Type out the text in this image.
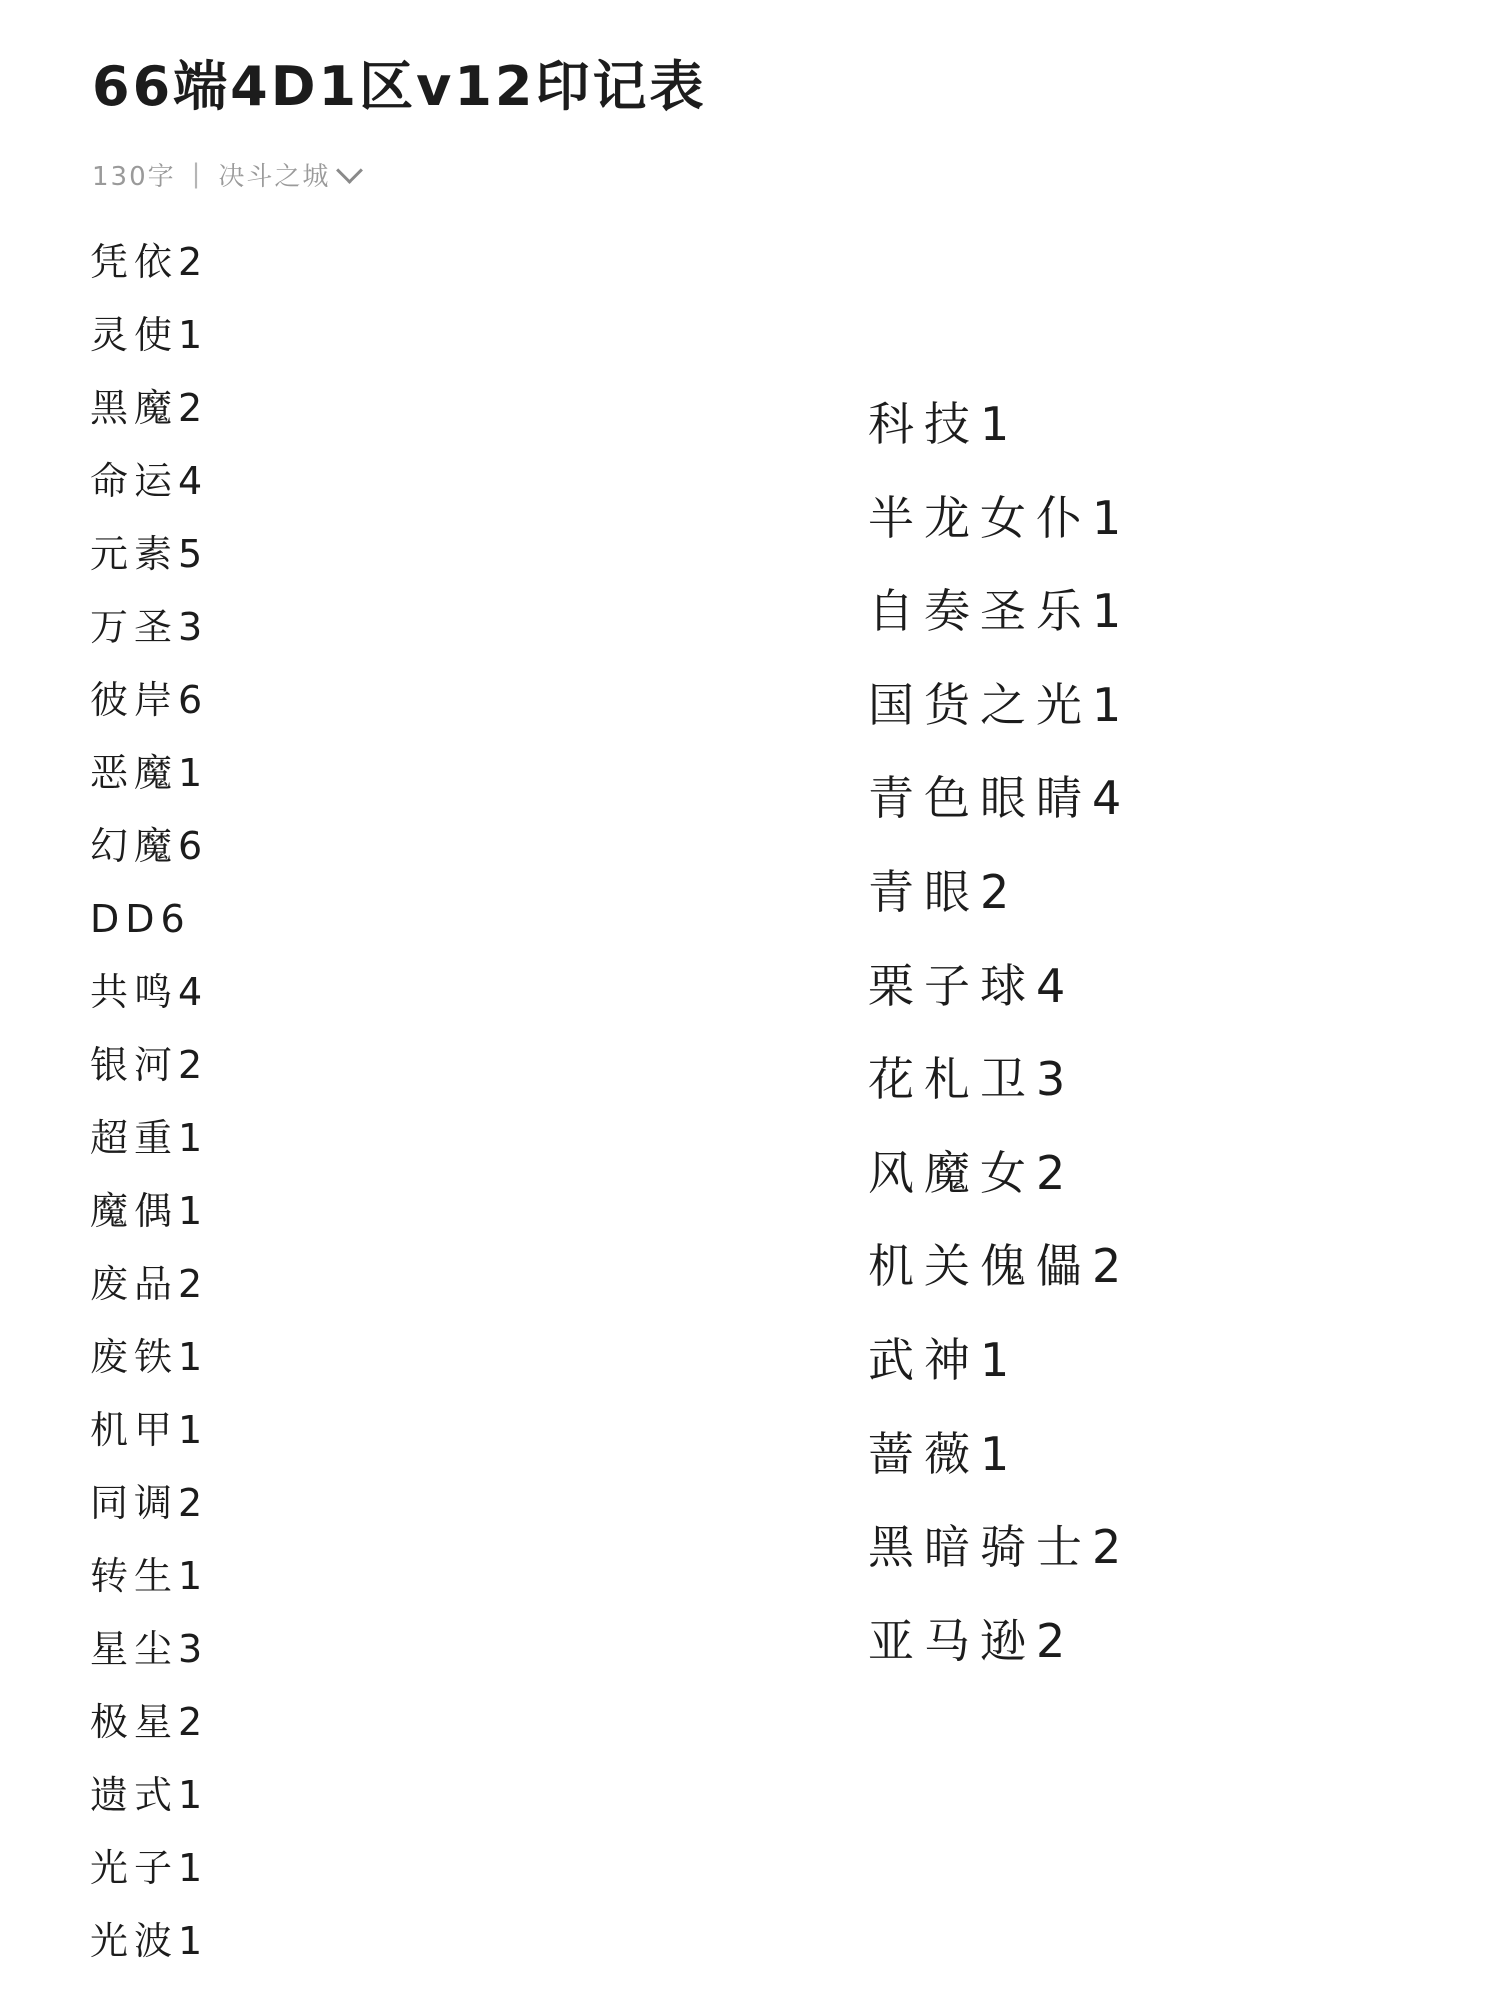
66端4D1区v12印记表
130字 | 决斗之城
凭依2
灵使1
黑魔2
命运4
元素5
万圣3
彼岸6
恶魔1
幻魔6
DD6
共鸣4
银河2
超重1
魔偶1
废品2
废铁1
机甲1
同调2
转生1
星尘3
极星2
遗式1
光子1
光波1
科技1
半龙女仆1
自奏圣乐1
国货之光1
青色眼睛4
青眼2
栗子球4
花札卫3
风魔女2
机关傀儡2
武神1
蔷薇1
黑暗骑士2
亚马逊2
